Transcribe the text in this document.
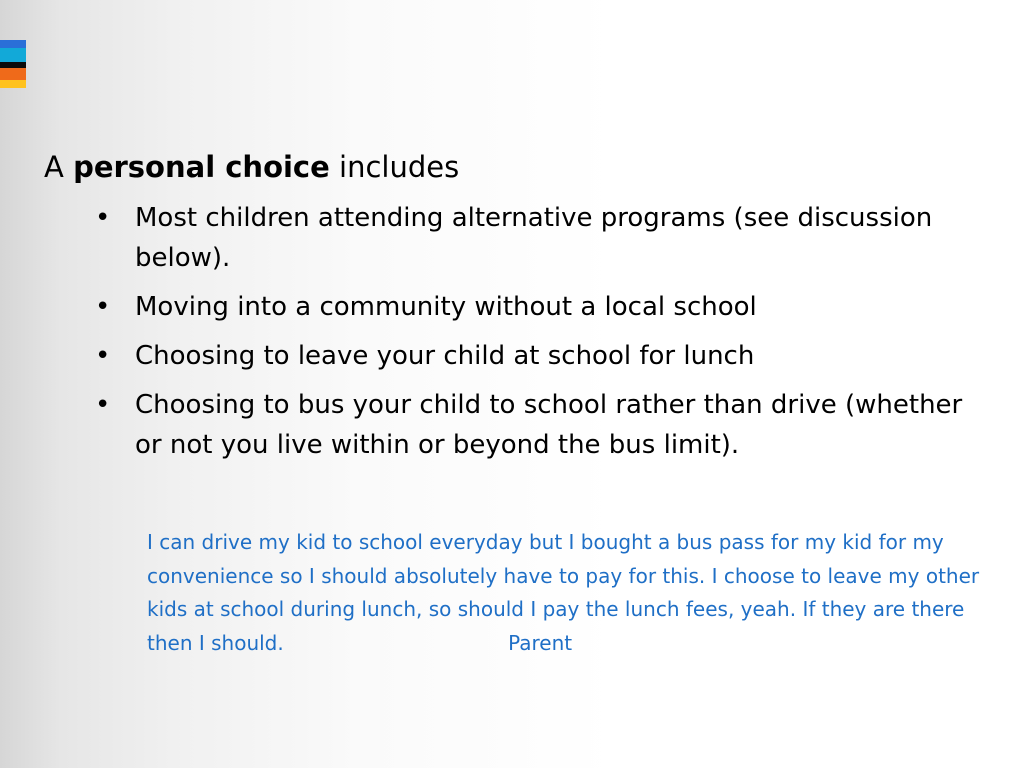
A personal choice includes
• Most children attending alternative programs (see discussion below).
• Moving into a community without a local school
• Choosing to leave your child at school for lunch
• Choosing to bus your child to school rather than drive (whether or not you live within or beyond the bus limit).
I can drive my kid to school everyday but I bought a bus pass for my kid for my convenience so I should absolutely have to pay for this. I choose to leave my other kids at school during lunch, so should I pay the lunch fees, yeah. If they are there then I should.	Parent
